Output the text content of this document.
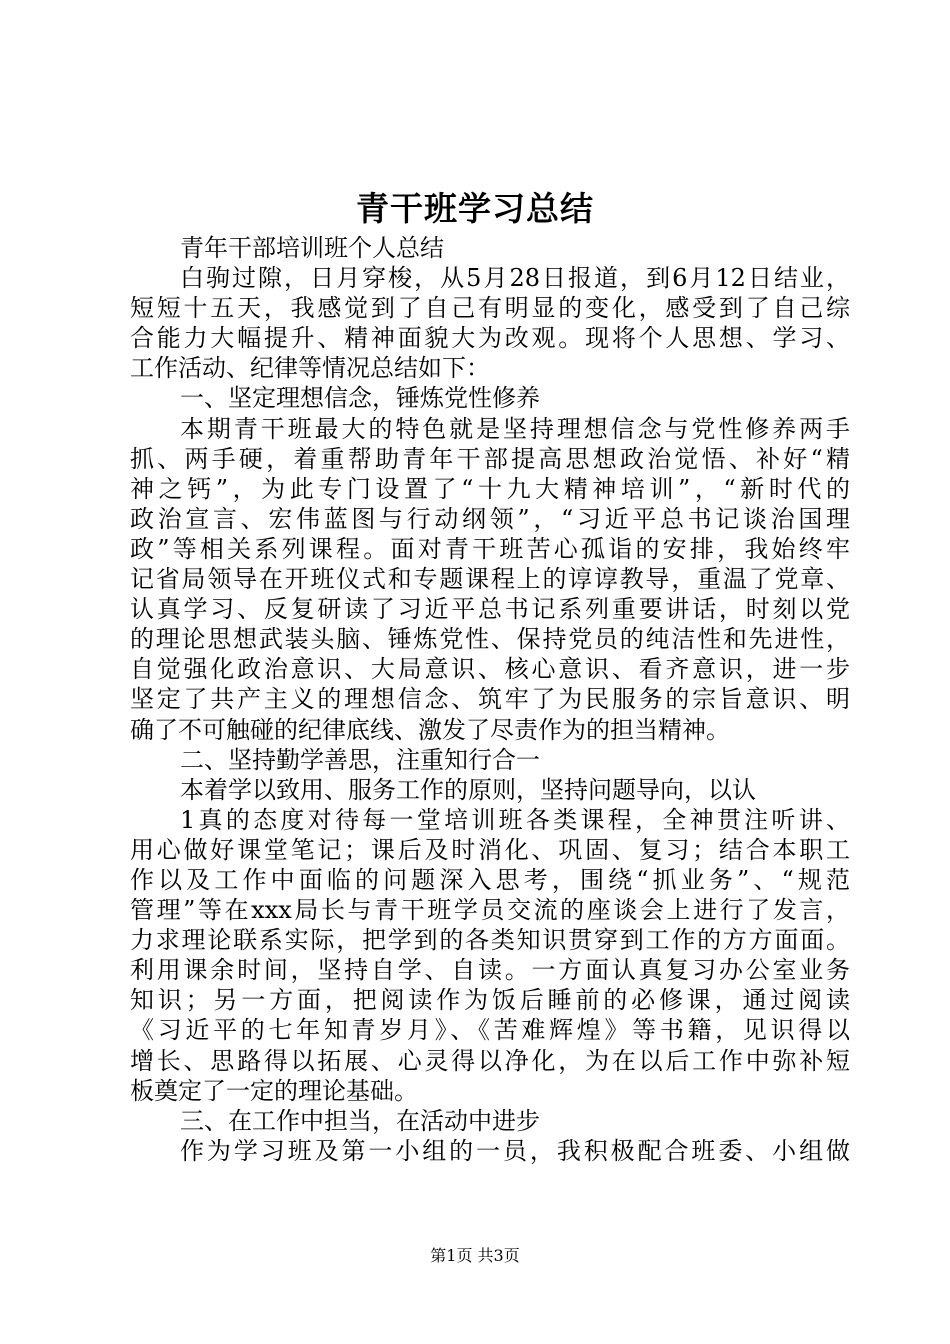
青干班学习总结
青年干部培训班个人总结
白驹过隙，日月穿梭，从5月28日报道，到6月12日结业，
短短十五天，我感觉到了自己有明显的变化，感受到了自己综
合能力大幅提升、精神面貌大为改观。现将个人思想、学习、
工作活动、纪律等情况总结如下：
一、坚定理想信念，锤炼党性修养
本期青干班最大的特色就是坚持理想信念与党性修养两手
抓、两手硬，着重帮助青年干部提高思想政治觉悟、补好“精
神之钙”，为此专门设置了“十九大精神培训”，“新时代的
政治宣言、宏伟蓝图与行动纲领”，“习近平总书记谈治国理
政”等相关系列课程。面对青干班苦心孤诣的安排，我始终牢
记省局领导在开班仪式和专题课程上的谆谆教导，重温了党章、
认真学习、反复研读了习近平总书记系列重要讲话，时刻以党
的理论思想武装头脑、锤炼党性、保持党员的纯洁性和先进性，
自觉强化政治意识、大局意识、核心意识、看齐意识，进一步
坚定了共产主义的理想信念、筑牢了为民服务的宗旨意识、明
确了不可触碰的纪律底线、激发了尽责作为的担当精神。
二、坚持勤学善思，注重知行合一
本着学以致用、服务工作的原则，坚持问题导向，以认
1真的态度对待每一堂培训班各类课程，全神贯注听讲、
用心做好课堂笔记；课后及时消化、巩固、复习；结合本职工
作以及工作中面临的问题深入思考，围绕“抓业务”、“规范
管理”等在xxx局长与青干班学员交流的座谈会上进行了发言，
力求理论联系实际，把学到的各类知识贯穿到工作的方方面面。
利用课余时间，坚持自学、自读。一方面认真复习办公室业务
知识；另一方面，把阅读作为饭后睡前的必修课，通过阅读
《习近平的七年知青岁月》、《苦难辉煌》等书籍，见识得以
增长、思路得以拓展、心灵得以净化，为在以后工作中弥补短
板奠定了一定的理论基础。
三、在工作中担当，在活动中进步
作为学习班及第一小组的一员，我积极配合班委、小组做
第1页 共3页
